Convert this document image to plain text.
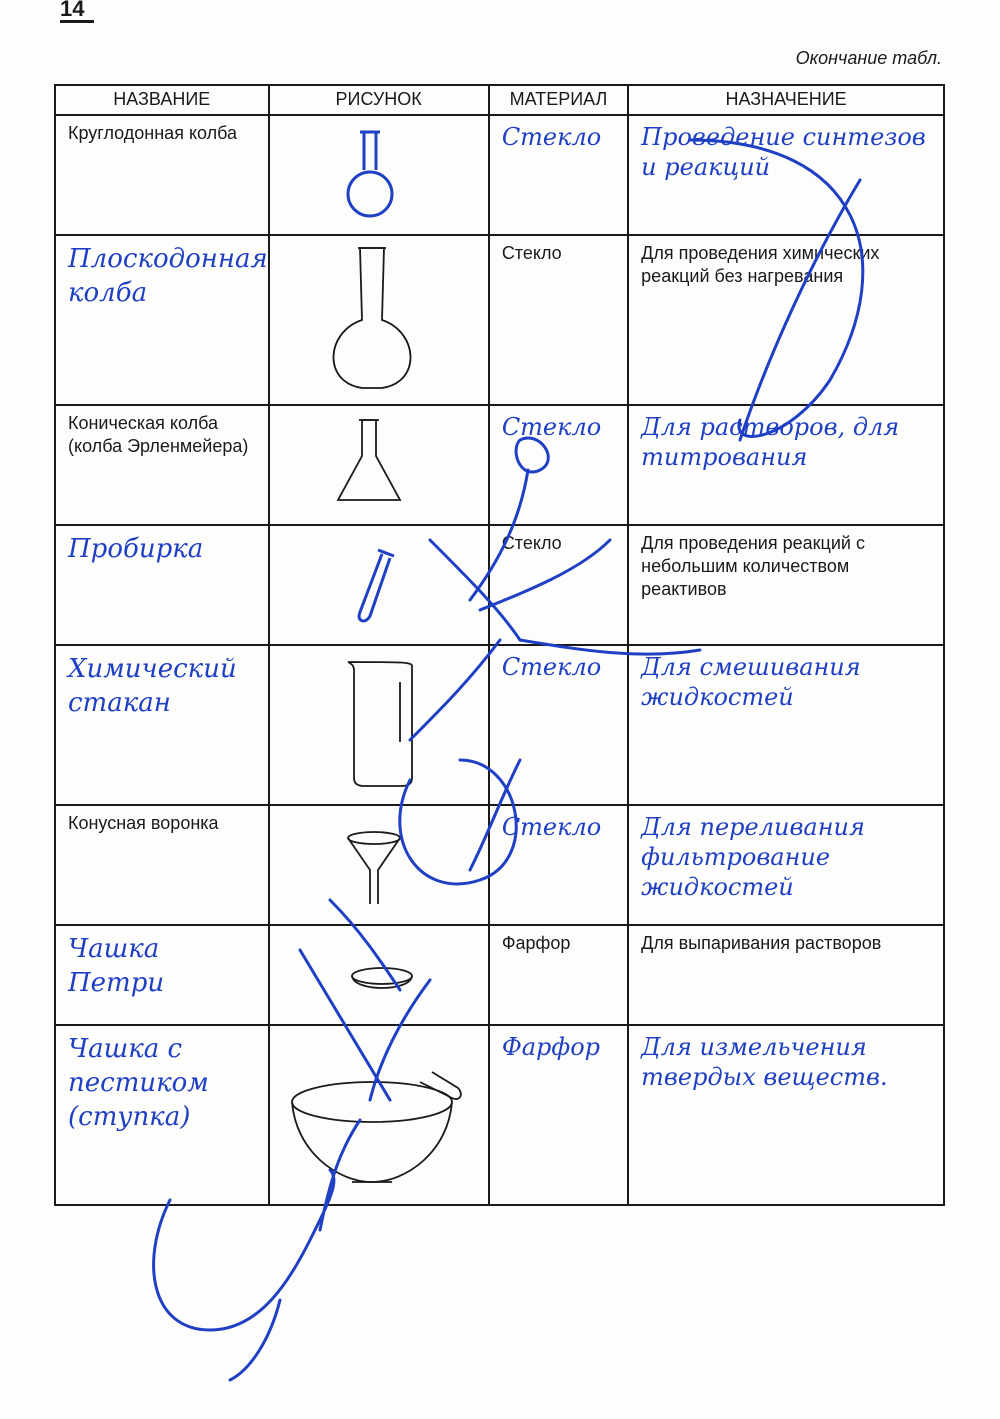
14
Окончание табл.
НАЗВАНИЕ	РИСУНОК	МАТЕРИАЛ	НАЗНАЧЕНИЕ

Круглодонная колба		Стекло	Проведение синтезов и реакций

Плоскодонная колба		Стекло	Для проведения химических реакций без нагревания

Коническая колба (колба Эрленмейера)		Стекло	Для растворов, для титрования

Пробирка		Стекло	Для проведения реакций с небольшим количеством реактивов

Химический стакан		Стекло	Для смешивания жидкостей

Конусная воронка		Стекло	Для переливания фильтрование жидкостей

Чашка Петри		Фарфор	Для выпаривания растворов

Чашка с пестиком (ступка)		Фарфор	Для измельчения твердых веществ.
